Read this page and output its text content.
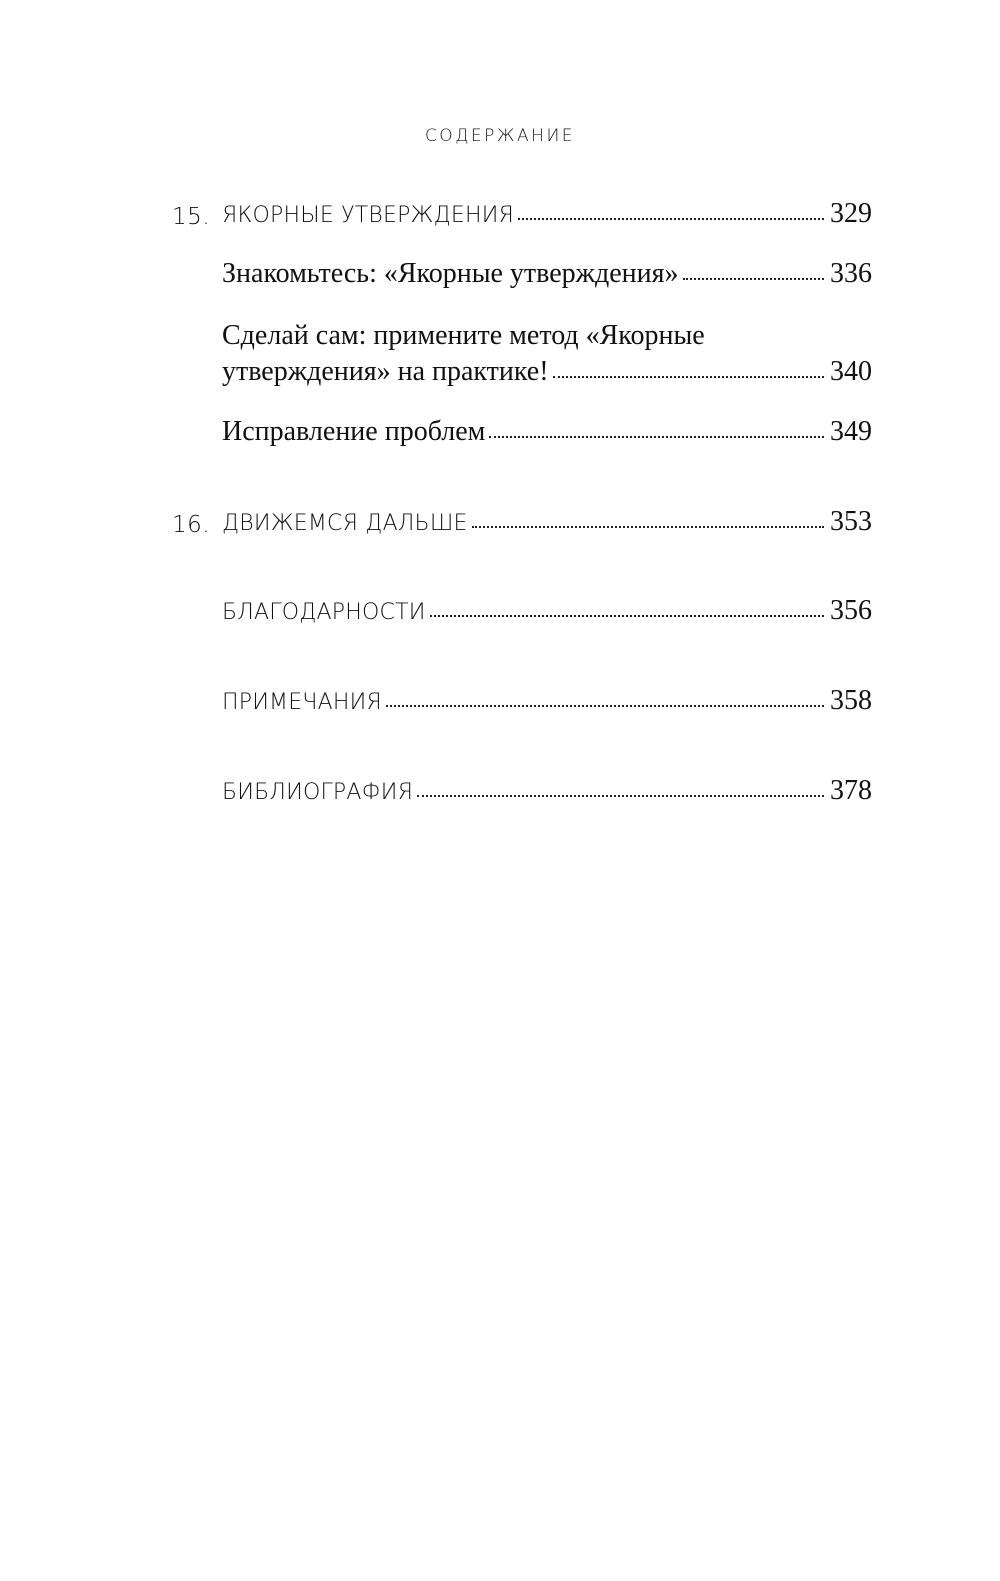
СОДЕРЖАНИЕ
15. ЯКОРНЫЕ УТВЕРЖДЕНИЯ	329
Знакомьтесь: «Якорные утверждения»	336
Сделай сам: примените метод «Якорные
утверждения» на практике!	340
Исправление проблем	349
16. ДВИЖЕМСЯ ДАЛЬШЕ	353
БЛАГОДАРНОСТИ	356
ПРИМЕЧАНИЯ	358
БИБЛИОГРАФИЯ	378
